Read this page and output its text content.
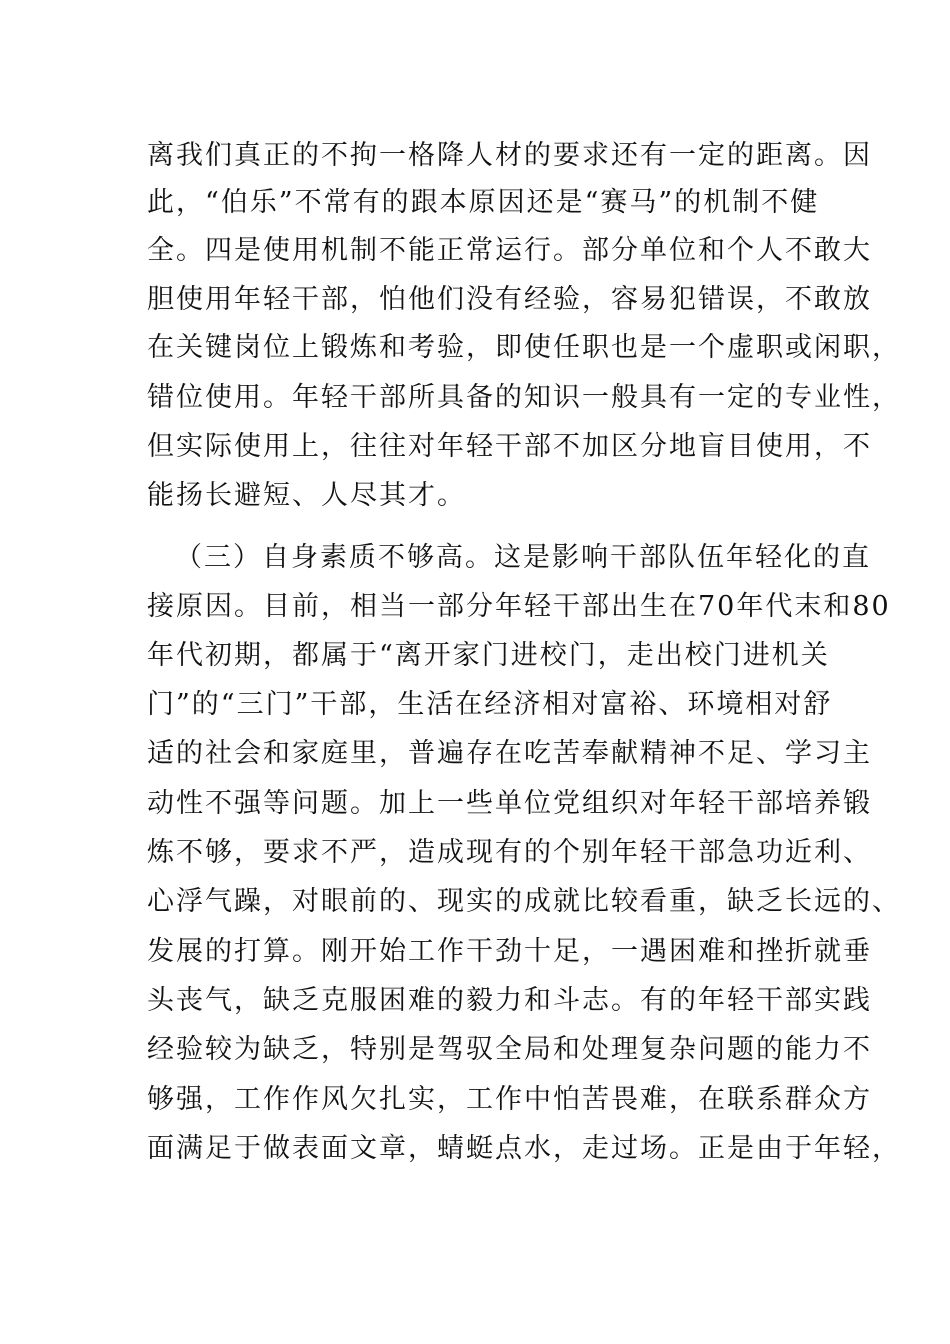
离我们真正的不拘一格降人材的要求还有一定的距离。因
此，“伯乐”不常有的跟本原因还是“赛马”的机制不健
全。四是使用机制不能正常运行。部分单位和个人不敢大
胆使用年轻干部，怕他们没有经验，容易犯错误，不敢放
在关键岗位上锻炼和考验，即使任职也是一个虚职或闲职，
错位使用。年轻干部所具备的知识一般具有一定的专业性，
但实际使用上，往往对年轻干部不加区分地盲目使用，不
能扬长避短、人尽其才。
（三）自身素质不够高。这是影响干部队伍年轻化的直
接原因。目前，相当一部分年轻干部出生在70年代末和80
年代初期，都属于“离开家门进校门，走出校门进机关
门”的“三门”干部，生活在经济相对富裕、环境相对舒
适的社会和家庭里，普遍存在吃苦奉献精神不足、学习主
动性不强等问题。加上一些单位党组织对年轻干部培养锻
炼不够，要求不严，造成现有的个别年轻干部急功近利、
心浮气躁，对眼前的、现实的成就比较看重，缺乏长远的、
发展的打算。刚开始工作干劲十足，一遇困难和挫折就垂
头丧气，缺乏克服困难的毅力和斗志。有的年轻干部实践
经验较为缺乏，特别是驾驭全局和处理复杂问题的能力不
够强，工作作风欠扎实，工作中怕苦畏难，在联系群众方
面满足于做表面文章，蜻蜓点水，走过场。正是由于年轻，
